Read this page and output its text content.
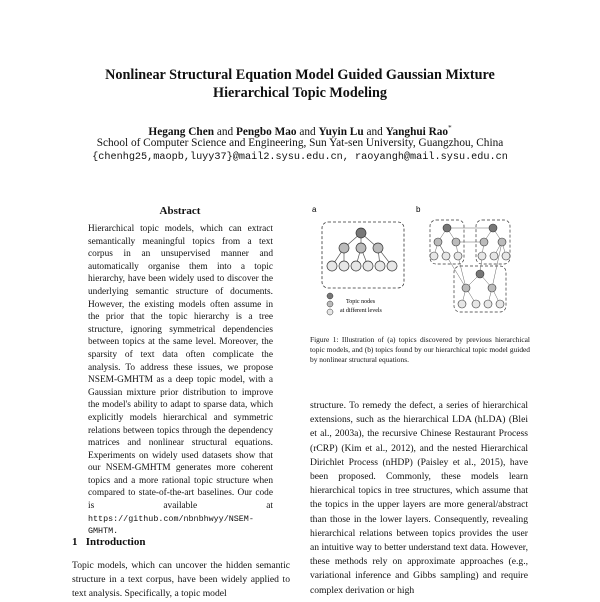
Nonlinear Structural Equation Model Guided Gaussian Mixture
Hierarchical Topic Modeling
Hegang Chen and Pengbo Mao and Yuyin Lu and Yanghui Rao*
School of Computer Science and Engineering, Sun Yat-sen University, Guangzhou, China
{chenhg25,maopb,luyy37}@mail2.sysu.edu.cn, raoyangh@mail.sysu.edu.cn
Abstract
Hierarchical topic models, which can extract semantically meaningful topics from a text corpus in an unsupervised manner and automatically organise them into a topic hierarchy, have been widely used to discover the underlying semantic structure of documents. However, the existing models often assume in the prior that the topic hierarchy is a tree structure, ignoring symmetrical dependencies between topics at the same level. Moreover, the sparsity of text data often complicate the analysis. To address these issues, we propose NSEM-GMHTM as a deep topic model, with a Gaussian mixture prior distribution to improve the model's ability to adapt to sparse data, which explicitly models hierarchical and symmetric relations between topics through the dependency matrices and nonlinear structural equations. Experiments on widely used datasets show that our NSEM-GMHTM generates more coherent topics and a more rational topic structure when compared to state-of-the-art baselines. Our code is available at https://github.com/nbnbhwyy/NSEM-GMHTM.
a	b
Topic nodes
at different levels
Figure 1: Illustration of (a) topics discovered by previous hierarchical topic models, and (b) topics found by our hierarchical topic model guided by nonlinear structural equations.
structure. To remedy the defect, a series of hierarchical extensions, such as the hierarchical LDA (hLDA) (Blei et al., 2003a), the recursive Chinese Restaurant Process (rCRP) (Kim et al., 2012), and the nested Hierarchical Dirichlet Process (nHDP) (Paisley et al., 2015), have been proposed. Commonly, these models learn hierarchical topics in tree structures, which assume that the topics in the upper layers are more general/abstract than those in the lower layers. Consequently, revealing hierarchical relations between topics provides the user an intuitive way to better understand text data. However, these methods rely on approximate approaches (e.g., variational inference and Gibbs sampling) and require complex derivation or high
1   Introduction
Topic models, which can uncover the hidden semantic structure in a text corpus, have been widely applied to text analysis. Specifically, a topic model
